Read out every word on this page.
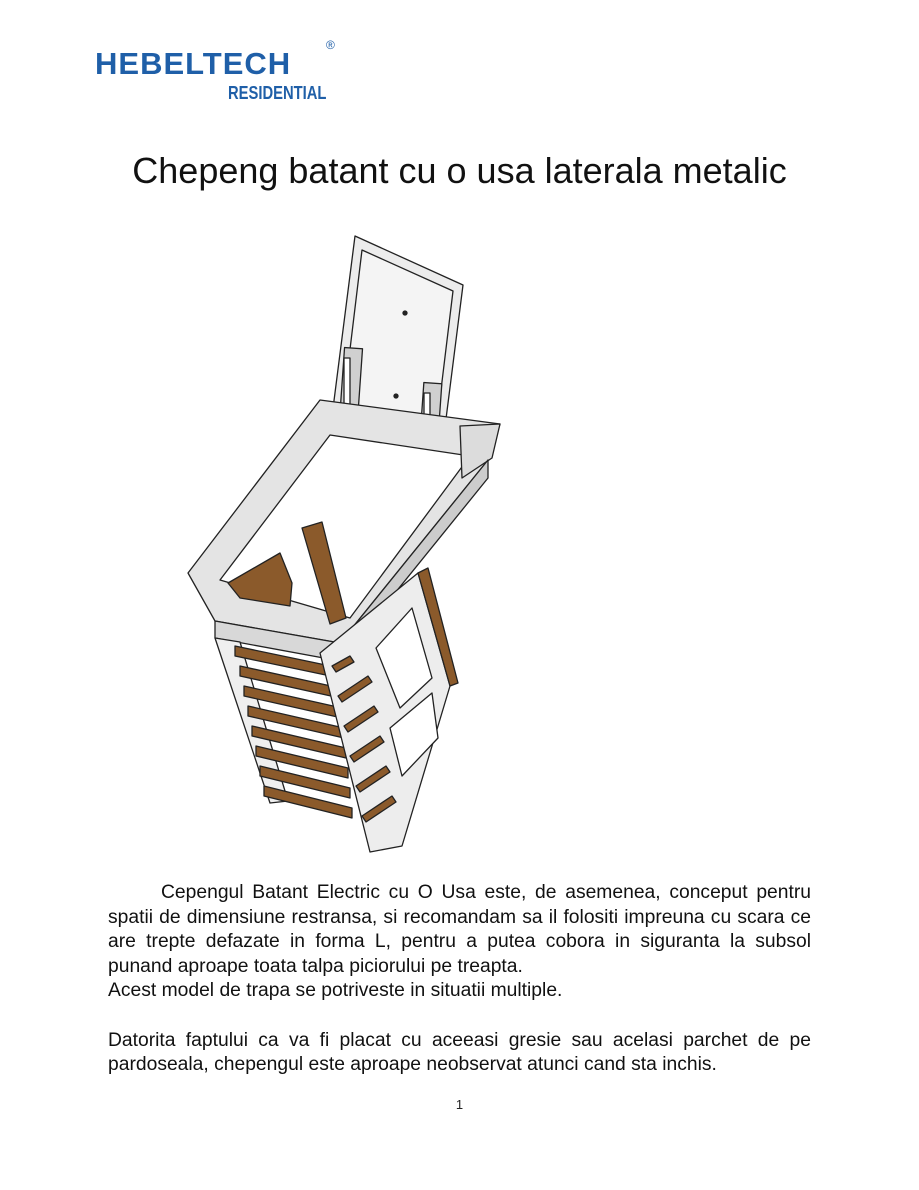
HEBELTECH
®
RESIDENTIAL
Chepeng batant cu o usa laterala metalic

Cepengul Batant Electric cu O Usa este, de asemenea, conceput pentru spatii de dimensiune restransa, si recomandam sa il folositi impreuna cu scara ce are trepte defazate in forma L, pentru a putea cobora in siguranta la subsol punand aproape toata talpa piciorului pe treapta.

Acest model de trapa se potriveste in situatii multiple.

Datorita faptului ca va fi placat cu aceeasi gresie sau acelasi parchet de pe pardoseala, chepengul este aproape neobservat atunci cand sta inchis.

1
